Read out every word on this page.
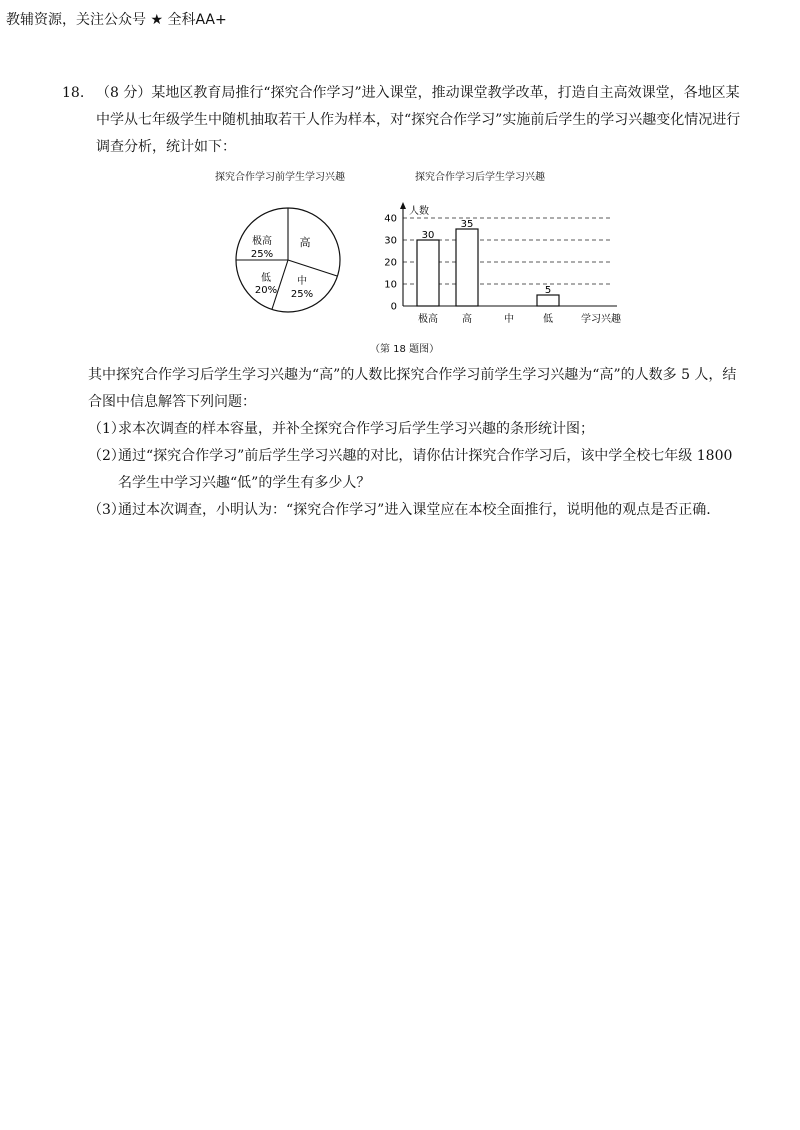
教辅资源，关注公众号 ★ 全科AA+
18. （8 分）某地区教育局推行“探究合作学习”进入课堂，推动课堂教学改革，打造自主高效课堂，各地区某中学从七年级学生中随机抽取若干人作为样本，对“探究合作学习”实施前后学生的学习兴趣变化情况进行调查分析，统计如下：
探究合作学习前学生学习兴趣	探究合作学习后学生学习兴趣
极高
25%
高
低
20%
中
25%
0
10
20
30
40
人数
学习兴趣
极高
30
高
35
中	低
5
（第 18 题图）
其中探究合作学习后学生学习兴趣为“高”的人数比探究合作学习前学生学习兴趣为“高”的人数多 5 人，结合图中信息解答下列问题：
（1）
求本次调查的样本容量，并补全探究合作学习后学生学习兴趣的条形统计图；
（2）
通过“探究合作学习”前后学生学习兴趣的对比，请你估计探究合作学习后，该中学全校七年级 1800 名学生中学习兴趣“低”的学生有多少人？
（3）
通过本次调查，小明认为：“探究合作学习”进入课堂应在本校全面推行，说明他的观点是否正确.
